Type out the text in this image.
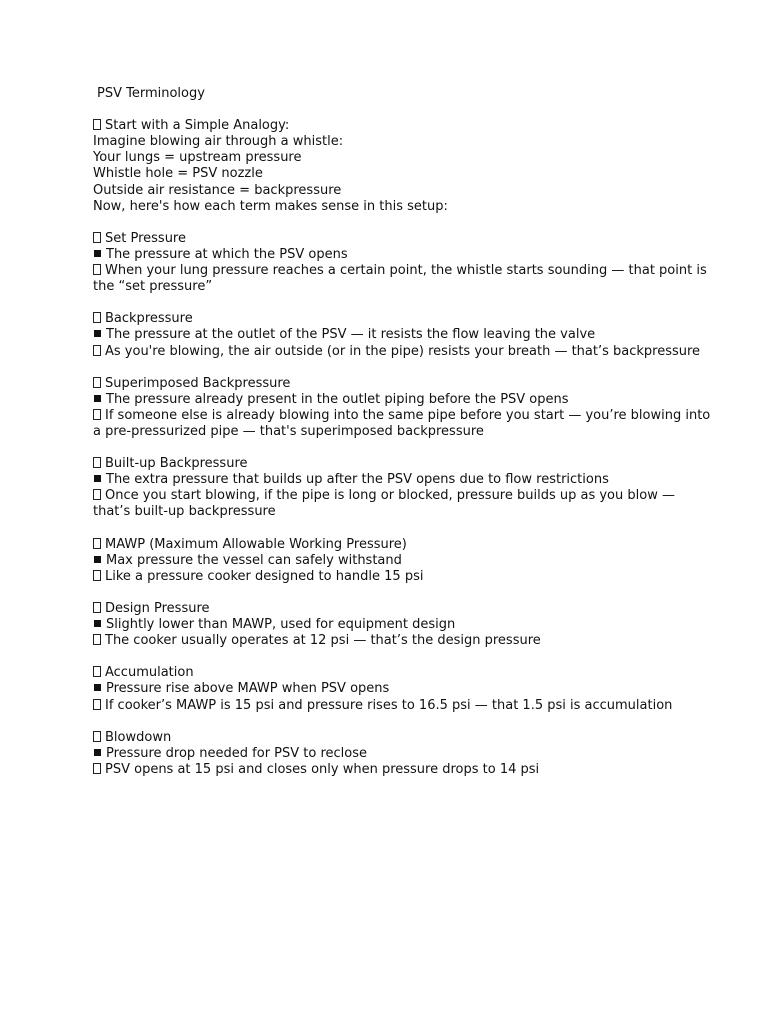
PSV Terminology
Start with a Simple Analogy:
Imagine blowing air through a whistle:
Your lungs = upstream pressure
Whistle hole = PSV nozzle
Outside air resistance = backpressure
Now, here's how each term makes sense in this setup:
Set Pressure
The pressure at which the PSV opens
When your lung pressure reaches a certain point, the whistle starts sounding — that point is the “set pressure”
Backpressure
The pressure at the outlet of the PSV — it resists the flow leaving the valve
As you're blowing, the air outside (or in the pipe) resists your breath — that’s backpressure
Superimposed Backpressure
The pressure already present in the outlet piping before the PSV opens
If someone else is already blowing into the same pipe before you start — you’re blowing into a pre-pressurized pipe — that's superimposed backpressure
Built-up Backpressure
The extra pressure that builds up after the PSV opens due to flow restrictions
Once you start blowing, if the pipe is long or blocked, pressure builds up as you blow — that’s built-up backpressure
MAWP (Maximum Allowable Working Pressure)
Max pressure the vessel can safely withstand
Like a pressure cooker designed to handle 15 psi
Design Pressure
Slightly lower than MAWP, used for equipment design
The cooker usually operates at 12 psi — that’s the design pressure
Accumulation
Pressure rise above MAWP when PSV opens
If cooker’s MAWP is 15 psi and pressure rises to 16.5 psi — that 1.5 psi is accumulation
Blowdown
Pressure drop needed for PSV to reclose
PSV opens at 15 psi and closes only when pressure drops to 14 psi
